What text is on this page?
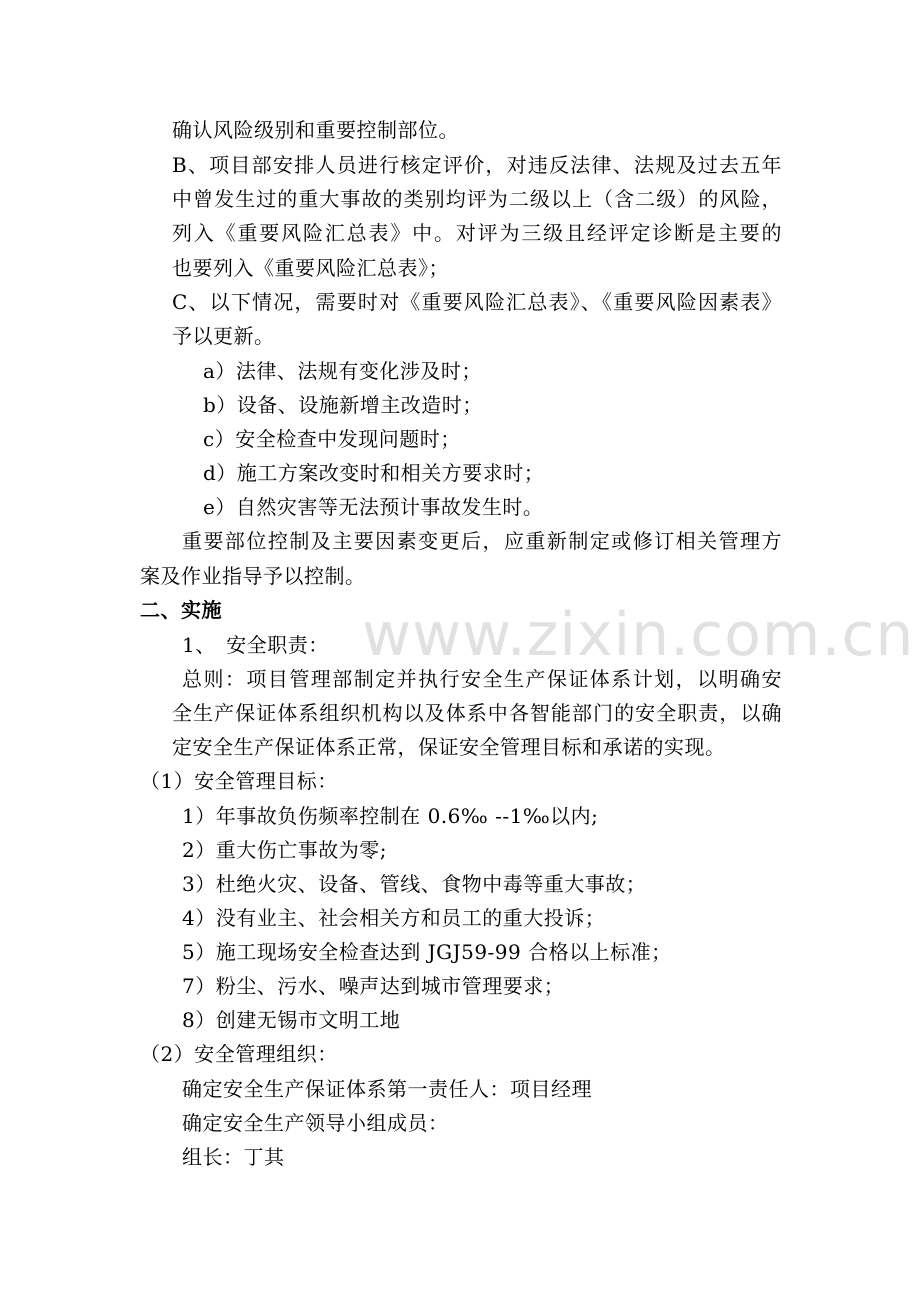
www.zixin.com.cn

确认风险级别和重要控制部位。

B、项目部安排人员进行核定评价，对违反法律、法规及过去五年

中曾发生过的重大事故的类别均评为二级以上（含二级）的风险，

列入《重要风险汇总表》中。对评为三级且经评定诊断是主要的

也要列入《重要风险汇总表》；

C、以下情况，需要时对《重要风险汇总表》、《重要风险因素表》

予以更新。

a）法律、法规有变化涉及时；

b）设备、设施新增主改造时；

c）安全检查中发现问题时；

d）施工方案改变时和相关方要求时；

e）自然灾害等无法预计事故发生时。

重要部位控制及主要因素变更后，应重新制定或修订相关管理方

案及作业指导予以控制。

二、实施

1、　安全职责：

总则：项目管理部制定并执行安全生产保证体系计划，以明确安

全生产保证体系组织机构以及体系中各智能部门的安全职责，以确

定安全生产保证体系正常，保证安全管理目标和承诺的实现。

（1）安全管理目标：

1）年事故负伤频率控制在 0.6‰ --1‰以内;

2）重大伤亡事故为零;

3）杜绝火灾、设备、管线、食物中毒等重大事故；

4）没有业主、社会相关方和员工的重大投诉；

5）施工现场安全检查达到 JGJ59-99 合格以上标准；

7）粉尘、污水、噪声达到城市管理要求；

8）创建无锡市文明工地

（2）安全管理组织：

确定安全生产保证体系第一责任人：项目经理

确定安全生产领导小组成员：

组长：丁其
